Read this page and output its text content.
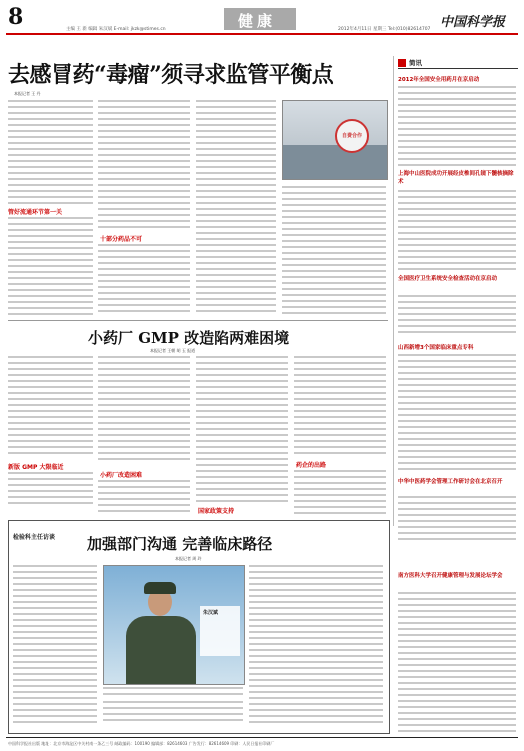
8	主编 王 新 编辑 朱汉斌 E-mail: jkzk@stimes.cn	健康	2012年4月11日 星期三 Tel:(010)82614707 中国科学报
去感冒药“毒瘤”须寻求监管平衡点
本报记者 王 丹
管好流通环节第一关
十部分药品不可
自费合作
小药厂 GMP 改造陷两难困境
本报记者 王朝 胡 玉 报道
新版 GMP 大限临近
小药厂改造困难
国家政策支持
药企的出路
简讯
2012年全国安全用药月在京启动
上海中山医院成功开展经皮椎间孔镜下髓核摘除术
全国医疗卫生系统安全检查活动在京启动
山西新增3个国家临床重点专科
中华中医药学会管理工作研讨会在北京召开
南方医科大学召开健康管理与发展论坛学会
检验科主任访谈 加强部门沟通 完善临床路径
本报记者 周 玲
朱汉斌
中国科学报社出版 地址：北京市海淀区中关村南一条乙三号 邮政编码：100190 编辑部：82614603 广告发行：82614609 印刷：人民日报社印刷厂
